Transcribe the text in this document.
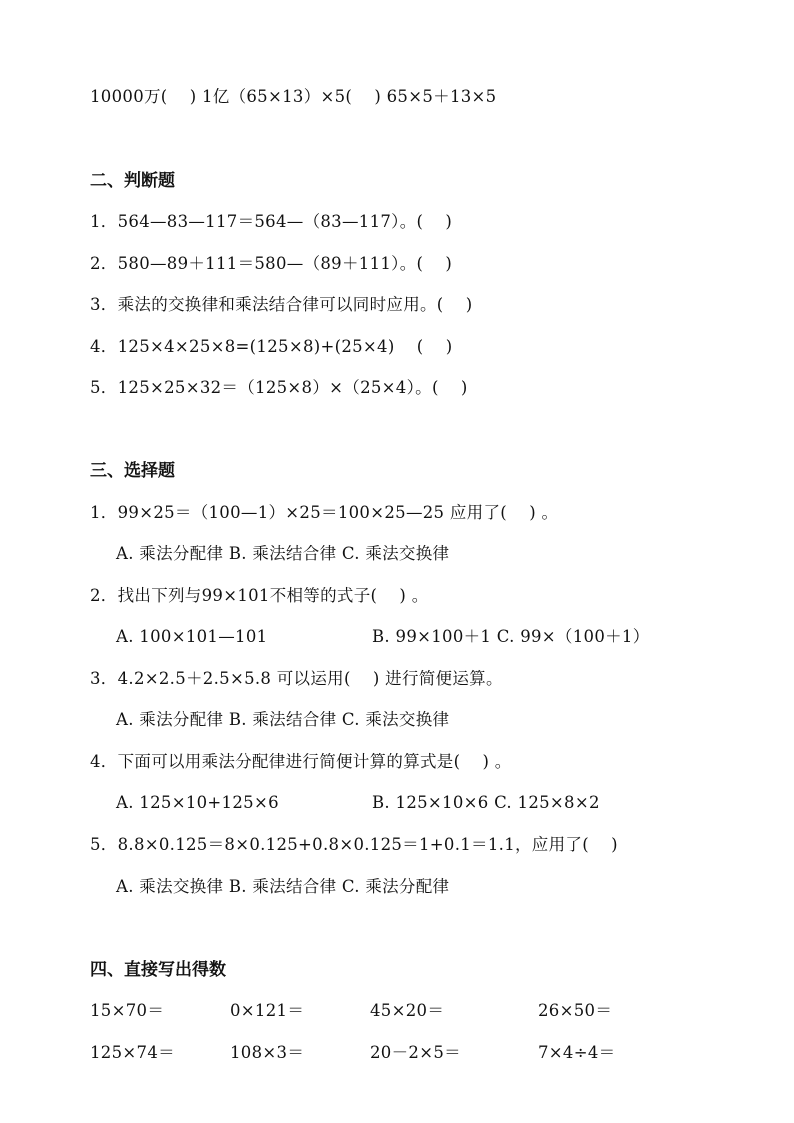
10000万(    ) 1亿（65×13）×5(    ) 65×5＋13×5
二、判断题
1．564—83—117＝564—（83—117）。(    )
2．580—89＋111＝580—（89＋111）。(    )
3．乘法的交换律和乘法结合律可以同时应用。(    )
4．125×4×25×8=(125×8)+(25×4)    (    )
5．125×25×32＝（125×8）×（25×4）。(    )
三、选择题
1．99×25＝（100—1）×25＝100×25—25 应用了(    ) 。
A. 乘法分配律 B. 乘法结合律 C. 乘法交换律
2．找出下列与99×101不相等的式子(    ) 。
A. 100×101—101	B. 99×100＋1 C. 99×（100＋1）
3．4.2×2.5＋2.5×5.8 可以运用(    ) 进行简便运算。
A. 乘法分配律 B. 乘法结合律 C. 乘法交换律
4．下面可以用乘法分配律进行简便计算的算式是(    ) 。
A. 125×10+125×6	B. 125×10×6 C. 125×8×2
5．8.8×0.125＝8×0.125+0.8×0.125＝1+0.1＝1.1，应用了(    )
A. 乘法交换律 B. 乘法结合律 C. 乘法分配律
四、直接写出得数
15×70＝	0×121＝	45×20＝	26×50＝
125×74＝	108×3＝	20－2×5＝	7×4÷4＝
